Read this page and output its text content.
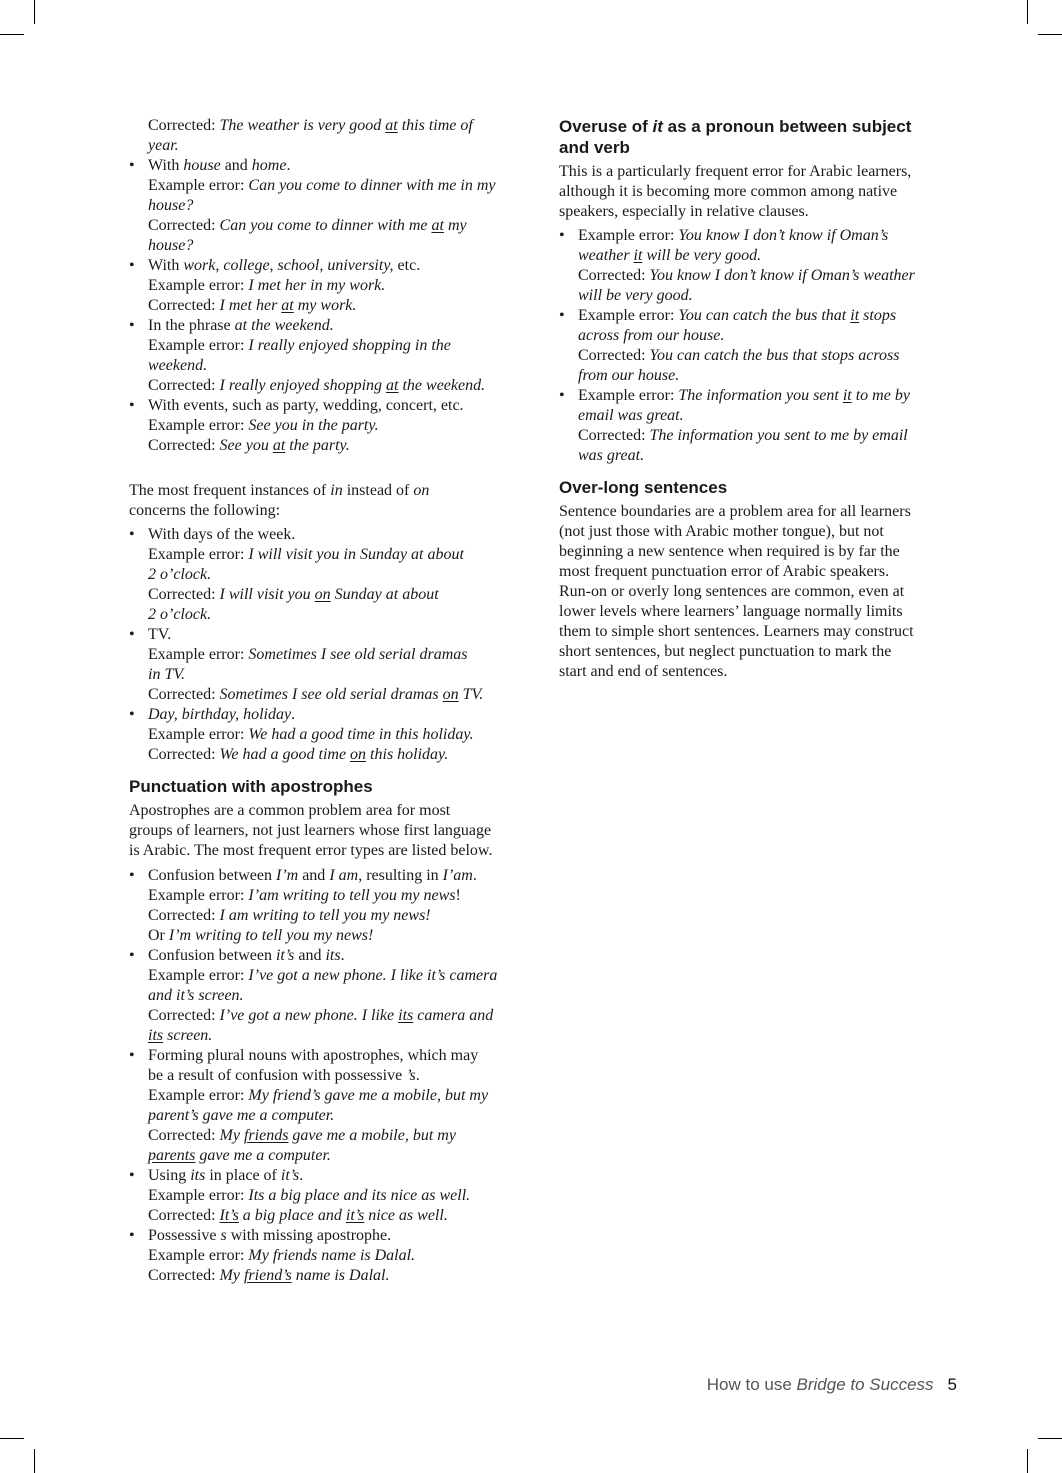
Corrected: The weather is very good at this time of
year.
• With house and home.
Example error: Can you come to dinner with me in my
house?
Corrected: Can you come to dinner with me at my
house?
• With work, college, school, university, etc.
Example error: I met her in my work.
Corrected: I met her at my work.
• In the phrase at the weekend.
Example error: I really enjoyed shopping in the
weekend.
Corrected: I really enjoyed shopping at the weekend.
• With events, such as party, wedding, concert, etc.
Example error: See you in the party.
Corrected: See you at the party.
The most frequent instances of in instead of on
concerns the following:
• With days of the week.
Example error: I will visit you in Sunday at about
2 o’clock.
Corrected: I will visit you on Sunday at about
2 o’clock.
• TV.
Example error: Sometimes I see old serial dramas
in TV.
Corrected: Sometimes I see old serial dramas on TV.
• Day, birthday, holiday.
Example error: We had a good time in this holiday.
Corrected: We had a good time on this holiday.
Punctuation with apostrophes
Apostrophes are a common problem area for most
groups of learners, not just learners whose first language
is Arabic. The most frequent error types are listed below.
• Confusion between I’m and I am, resulting in I’am.
Example error: I’am writing to tell you my news!
Corrected: I am writing to tell you my news!
Or I’m writing to tell you my news!
• Confusion between it’s and its.
Example error: I’ve got a new phone. I like it’s camera
and it’s screen.
Corrected: I’ve got a new phone. I like its camera and
its screen.
• Forming plural nouns with apostrophes, which may
be a result of confusion with possessive ’s.
Example error: My friend’s gave me a mobile, but my
parent’s gave me a computer.
Corrected: My friends gave me a mobile, but my
parents gave me a computer.
• Using its in place of it’s.
Example error: Its a big place and its nice as well.
Corrected: It’s a big place and it’s nice as well.
• Possessive s with missing apostrophe.
Example error: My friends name is Dalal.
Corrected: My friend’s name is Dalal.
Overuse of it as a pronoun between subject
and verb
This is a particularly frequent error for Arabic learners,
although it is becoming more common among native
speakers, especially in relative clauses.
• Example error: You know I don’t know if Oman’s
weather it will be very good.
Corrected: You know I don’t know if Oman’s weather
will be very good.
• Example error: You can catch the bus that it stops
across from our house.
Corrected: You can catch the bus that stops across
from our house.
• Example error: The information you sent it to me by
email was great.
Corrected: The information you sent to me by email
was great.
Over-long sentences
Sentence boundaries are a problem area for all learners
(not just those with Arabic mother tongue), but not
beginning a new sentence when required is by far the
most frequent punctuation error of Arabic speakers.
Run-on or overly long sentences are common, even at
lower levels where learners’ language normally limits
them to simple short sentences. Learners may construct
short sentences, but neglect punctuation to mark the
start and end of sentences.
How to use Bridge to Success 5
